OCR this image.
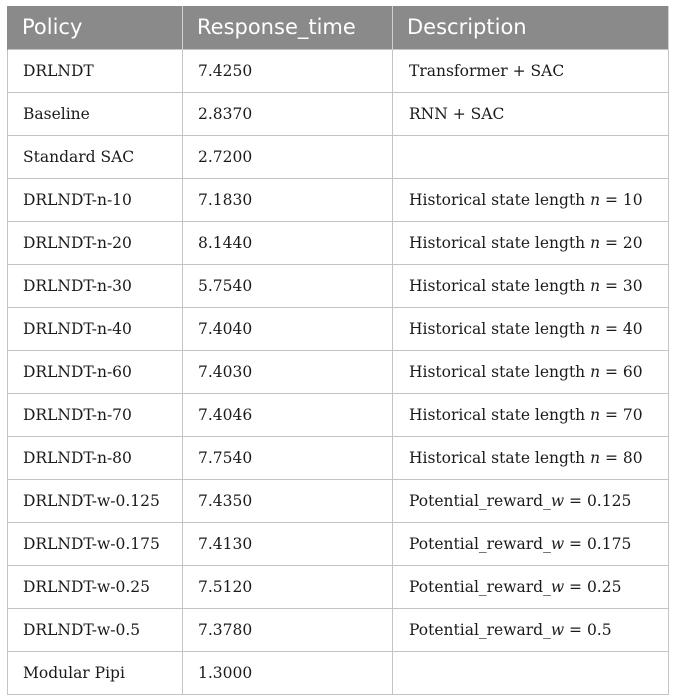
Policy	Response_time	Description
DRLNDT	7.4250	Transformer + SAC
Baseline	2.8370	RNN + SAC
Standard SAC	2.7200	
DRLNDT-n-10	7.1830	Historical state length n = 10
DRLNDT-n-20	8.1440	Historical state length n = 20
DRLNDT-n-30	5.7540	Historical state length n = 30
DRLNDT-n-40	7.4040	Historical state length n = 40
DRLNDT-n-60	7.4030	Historical state length n = 60
DRLNDT-n-70	7.4046	Historical state length n = 70
DRLNDT-n-80	7.7540	Historical state length n = 80
DRLNDT-w-0.125	7.4350	Potential_reward_w = 0.125
DRLNDT-w-0.175	7.4130	Potential_reward_w = 0.175
DRLNDT-w-0.25	7.5120	Potential_reward_w = 0.25
DRLNDT-w-0.5	7.3780	Potential_reward_w = 0.5
Modular Pipi	1.3000	
